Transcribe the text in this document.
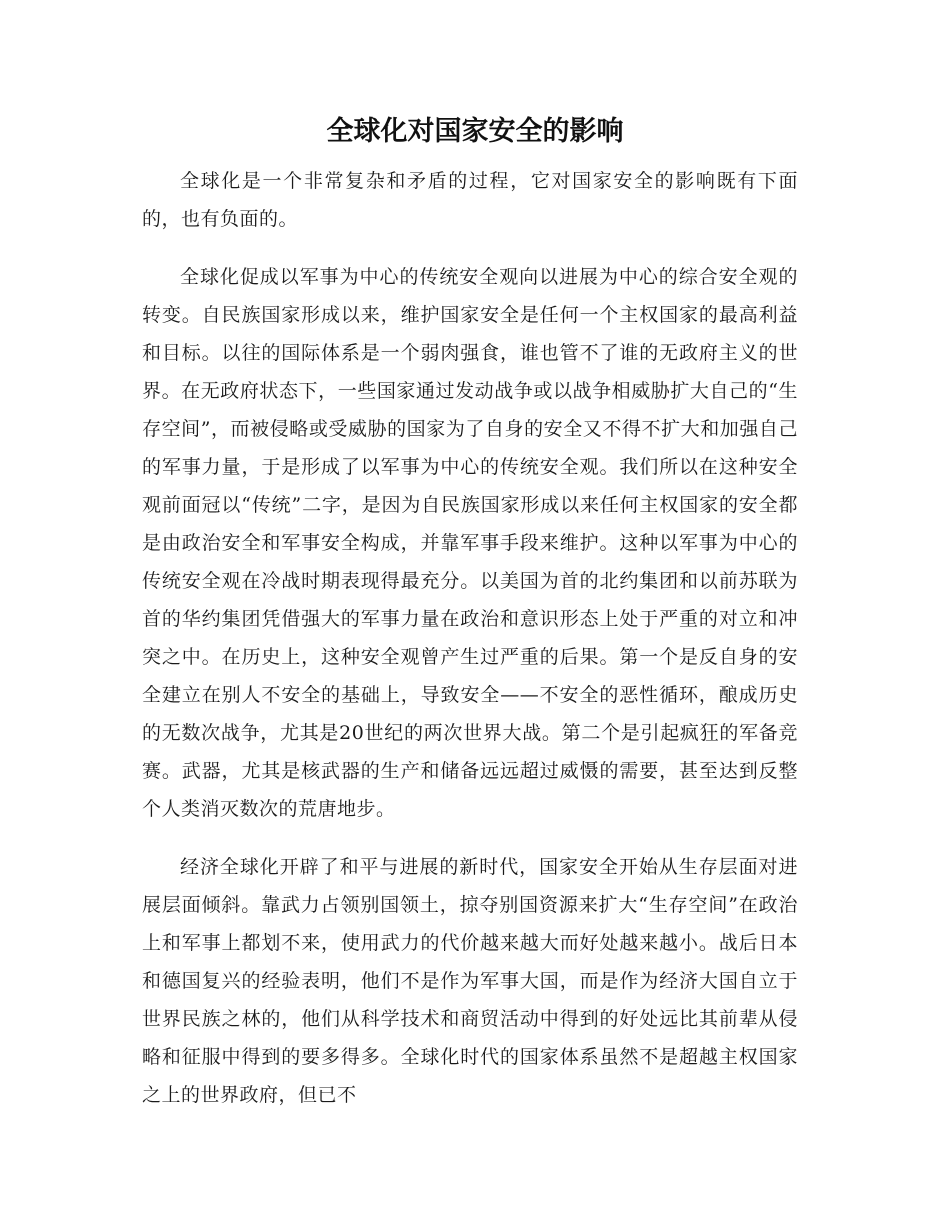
全球化对国家安全的影响

全球化是一个非常复杂和矛盾的过程，它对国家安全的影响既有下面的，也有负面的。

全球化促成以军事为中心的传统安全观向以进展为中心的综合安全观的转变。自民族国家形成以来，维护国家安全是任何一个主权国家的最高利益和目标。以往的国际体系是一个弱肉强食，谁也管不了谁的无政府主义的世界。在无政府状态下，一些国家通过发动战争或以战争相威胁扩大自己的“生存空间”，而被侵略或受威胁的国家为了自身的安全又不得不扩大和加强自己的军事力量，于是形成了以军事为中心的传统安全观。我们所以在这种安全观前面冠以“传统”二字，是因为自民族国家形成以来任何主权国家的安全都是由政治安全和军事安全构成，并靠军事手段来维护。这种以军事为中心的传统安全观在冷战时期表现得最充分。以美国为首的北约集团和以前苏联为首的华约集团凭借强大的军事力量在政治和意识形态上处于严重的对立和冲突之中。在历史上，这种安全观曾产生过严重的后果。第一个是反自身的安全建立在别人不安全的基础上，导致安全——不安全的恶性循环，酿成历史的无数次战争，尤其是20世纪的两次世界大战。第二个是引起疯狂的军备竞赛。武器，尤其是核武器的生产和储备远远超过威慑的需要，甚至达到反整个人类消灭数次的荒唐地步。

经济全球化开辟了和平与进展的新时代，国家安全开始从生存层面对进展层面倾斜。靠武力占领别国领土，掠夺别国资源来扩大“生存空间”在政治上和军事上都划不来，使用武力的代价越来越大而好处越来越小。战后日本和德国复兴的经验表明，他们不是作为军事大国，而是作为经济大国自立于世界民族之林的，他们从科学技术和商贸活动中得到的好处远比其前辈从侵略和征服中得到的要多得多。全球化时代的国家体系虽然不是超越主权国家之上的世界政府，但已不
